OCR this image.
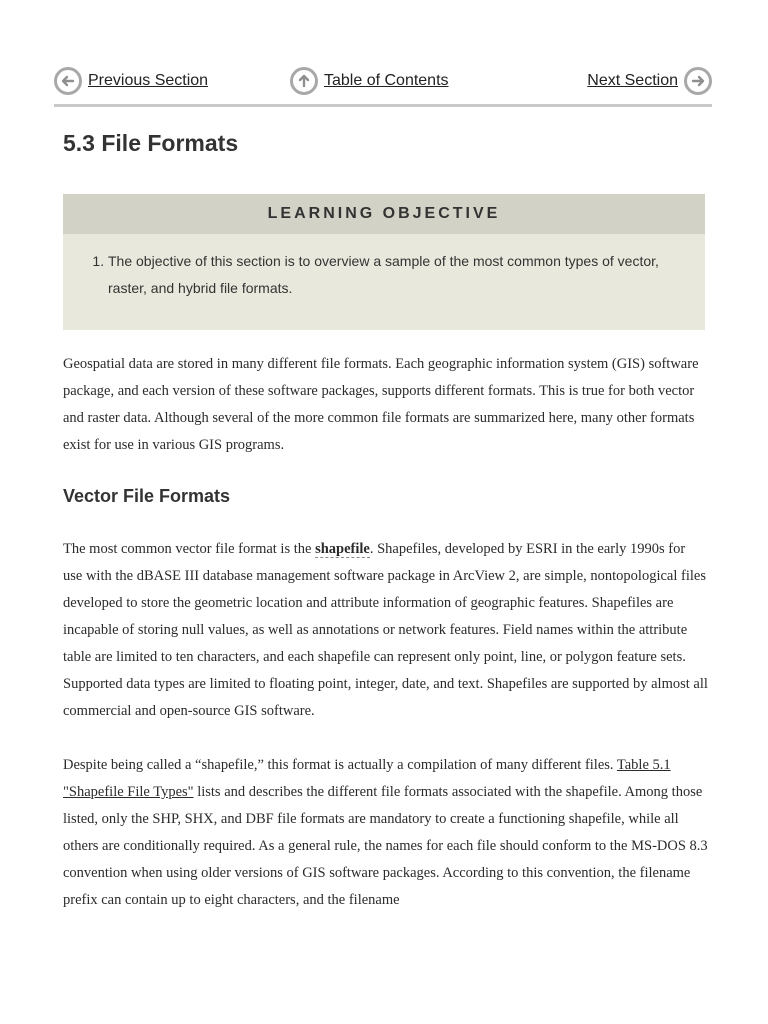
Previous Section	Table of Contents	Next Section
5.3 File Formats
LEARNING OBJECTIVE
1. The objective of this section is to overview a sample of the most common types of vector, raster, and hybrid file formats.

Geospatial data are stored in many different file formats. Each geographic information system (GIS) software package, and each version of these software packages, supports different formats. This is true for both vector and raster data. Although several of the more common file formats are summarized here, many other formats exist for use in various GIS programs.

Vector File Formats

The most common vector file format is the shapefile. Shapefiles, developed by ESRI in the early 1990s for use with the dBASE III database management software package in ArcView 2, are simple, nontopological files developed to store the geometric location and attribute information of geographic features. Shapefiles are incapable of storing null values, as well as annotations or network features. Field names within the attribute table are limited to ten characters, and each shapefile can represent only point, line, or polygon feature sets. Supported data types are limited to floating point, integer, date, and text. Shapefiles are supported by almost all commercial and open-source GIS software.

Despite being called a “shapefile,” this format is actually a compilation of many different files. Table 5.1 "Shapefile File Types" lists and describes the different file formats associated with the shapefile. Among those listed, only the SHP, SHX, and DBF file formats are mandatory to create a functioning shapefile, while all others are conditionally required. As a general rule, the names for each file should conform to the MS-DOS 8.3 convention when using older versions of GIS software packages. According to this convention, the filename prefix can contain up to eight characters, and the filename
